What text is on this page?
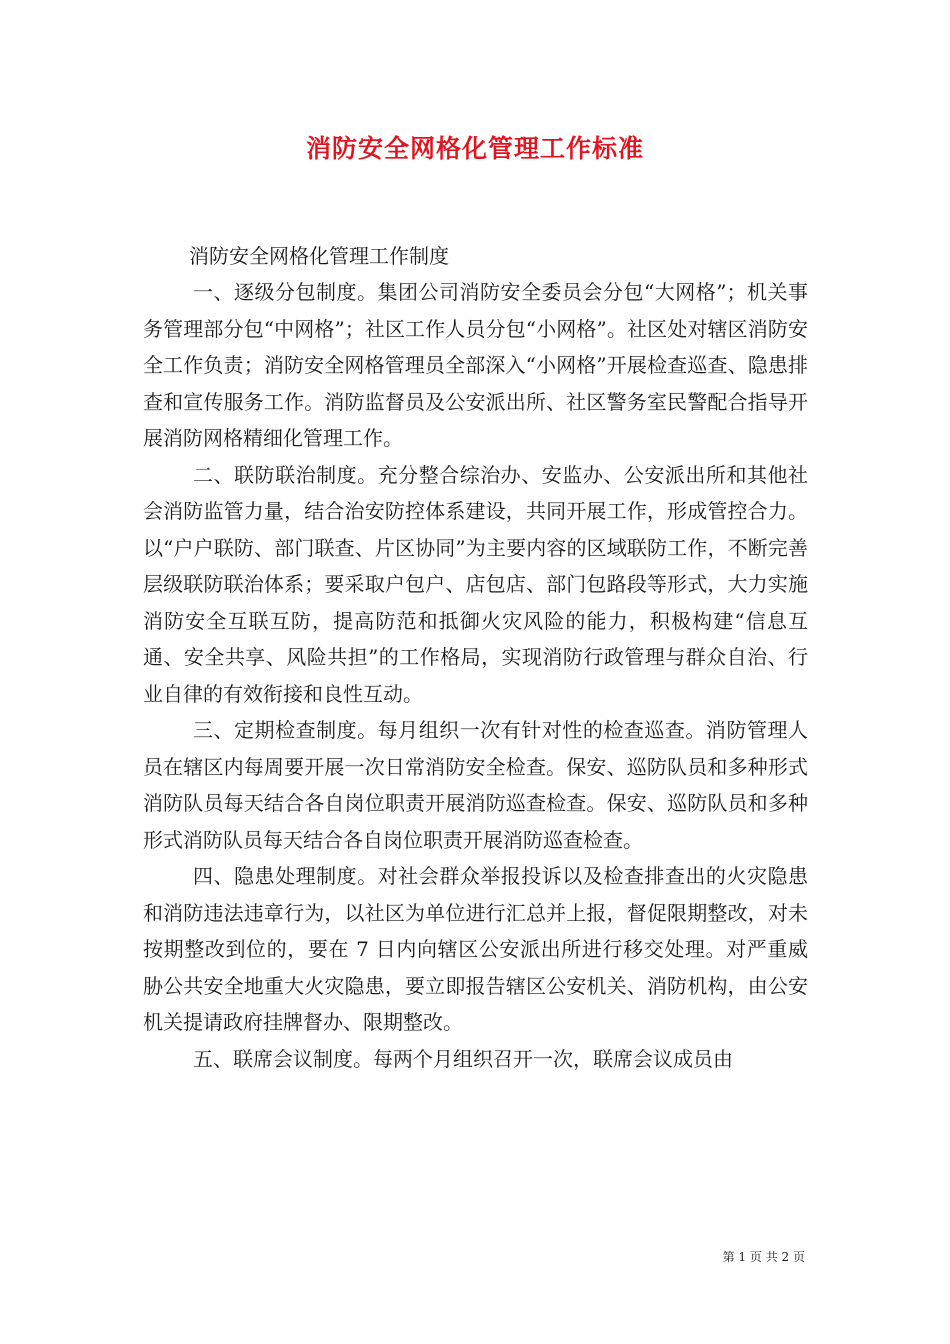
消防安全网格化管理工作标准

消防安全网格化管理工作制度

一、逐级分包制度。集团公司消防安全委员会分包“大网格”；机关事务管理部分包“中网格”；社区工作人员分包“小网格”。社区处对辖区消防安全工作负责；消防安全网格管理员全部深入“小网格”开展检查巡查、隐患排查和宣传服务工作。消防监督员及公安派出所、社区警务室民警配合指导开展消防网格精细化管理工作。

二、联防联治制度。充分整合综治办、安监办、公安派出所和其他社会消防监管力量，结合治安防控体系建设，共同开展工作，形成管控合力。以“户户联防、部门联查、片区协同”为主要内容的区域联防工作，不断完善层级联防联治体系；要采取户包户、店包店、部门包路段等形式，大力实施消防安全互联互防，提高防范和抵御火灾风险的能力，积极构建“信息互通、安全共享、风险共担”的工作格局，实现消防行政管理与群众自治、行业自律的有效衔接和良性互动。

三、定期检查制度。每月组织一次有针对性的检查巡查。消防管理人员在辖区内每周要开展一次日常消防安全检查。保安、巡防队员和多种形式消防队员每天结合各自岗位职责开展消防巡查检查。保安、巡防队员和多种形式消防队员每天结合各自岗位职责开展消防巡查检查。

四、隐患处理制度。对社会群众举报投诉以及检查排查出的火灾隐患和消防违法违章行为，以社区为单位进行汇总并上报，督促限期整改，对未按期整改到位的，要在 7 日内向辖区公安派出所进行移交处理。对严重威胁公共安全地重大火灾隐患，要立即报告辖区公安机关、消防机构，由公安机关提请政府挂牌督办、限期整改。

五、联席会议制度。每两个月组织召开一次，联席会议成员由

第 1 页 共 2 页
